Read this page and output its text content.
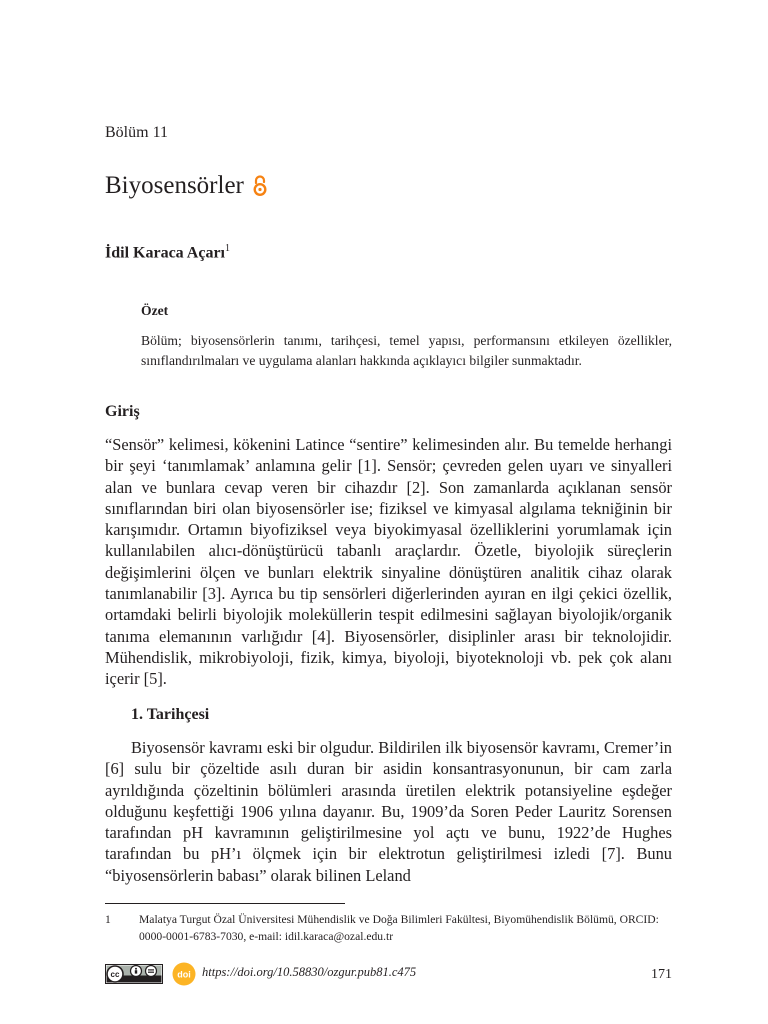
Bölüm 11
Biyosensörler
İdil Karaca Açarı$^1$
Özet
Bölüm; biyosensörlerin tanımı, tarihçesi, temel yapısı, performansını etkileyen özellikler, sınıflandırılmaları ve uygulama alanları hakkında açıklayıcı bilgiler sunmaktadır.
Giriş
“Sensör” kelimesi, kökenini Latince “sentire” kelimesinden alır. Bu temelde herhangi bir şeyi ‘tanımlamak’ anlamına gelir [1]. Sensör; çevreden gelen uyarı ve sinyalleri alan ve bunlara cevap veren bir cihazdır [2]. Son zamanlarda açıklanan sensör sınıflarından biri olan biyosensörler ise; fiziksel ve kimyasal algılama tekniğinin bir karışımıdır. Ortamın biyofiziksel veya biyokimyasal özelliklerini yorumlamak için kullanılabilen alıcı-dönüştürücü tabanlı araçlardır. Özetle, biyolojik süreçlerin değişimlerini ölçen ve bunları elektrik sinyaline dönüştüren analitik cihaz olarak tanımlanabilir [3]. Ayrıca bu tip sensörleri diğerlerinden ayıran en ilgi çekici özellik, ortamdaki belirli biyolojik moleküllerin tespit edilmesini sağlayan biyolojik/organik tanıma elemanının varlığıdır [4]. Biyosensörler, disiplinler arası bir teknolojidir. Mühendislik, mikrobiyoloji, fizik, kimya, biyoloji, biyoteknoloji vb. pek çok alanı içerir [5].
1. Tarihçesi
Biyosensör kavramı eski bir olgudur. Bildirilen ilk biyosensör kavramı, Cremer’in [6] sulu bir çözeltide asılı duran bir asidin konsantrasyonunun, bir cam zarla ayrıldığında çözeltinin bölümleri arasında üretilen elektrik potansiyeline eşdeğer olduğunu keşfettiği 1906 yılına dayanır. Bu, 1909’da Soren Peder Lauritz Sorensen tarafından pH kavramının geliştirilmesine yol açtı ve bunu, 1922’de Hughes tarafından bu pH’ı ölçmek için bir elektrotun geliştirilmesi izledi [7]. Bunu “biyosensörlerin babası” olarak bilinen Leland
1 Malatya Turgut Özal Üniversitesi Mühendislik ve Doğa Bilimleri Fakültesi, Biyomühendislik Bölümü, ORCID: 0000-0001-6783-7030, e-mail: idil.karaca@ozal.edu.tr
cc	doi https://doi.org/10.58830/ozgur.pub81.c475	171
